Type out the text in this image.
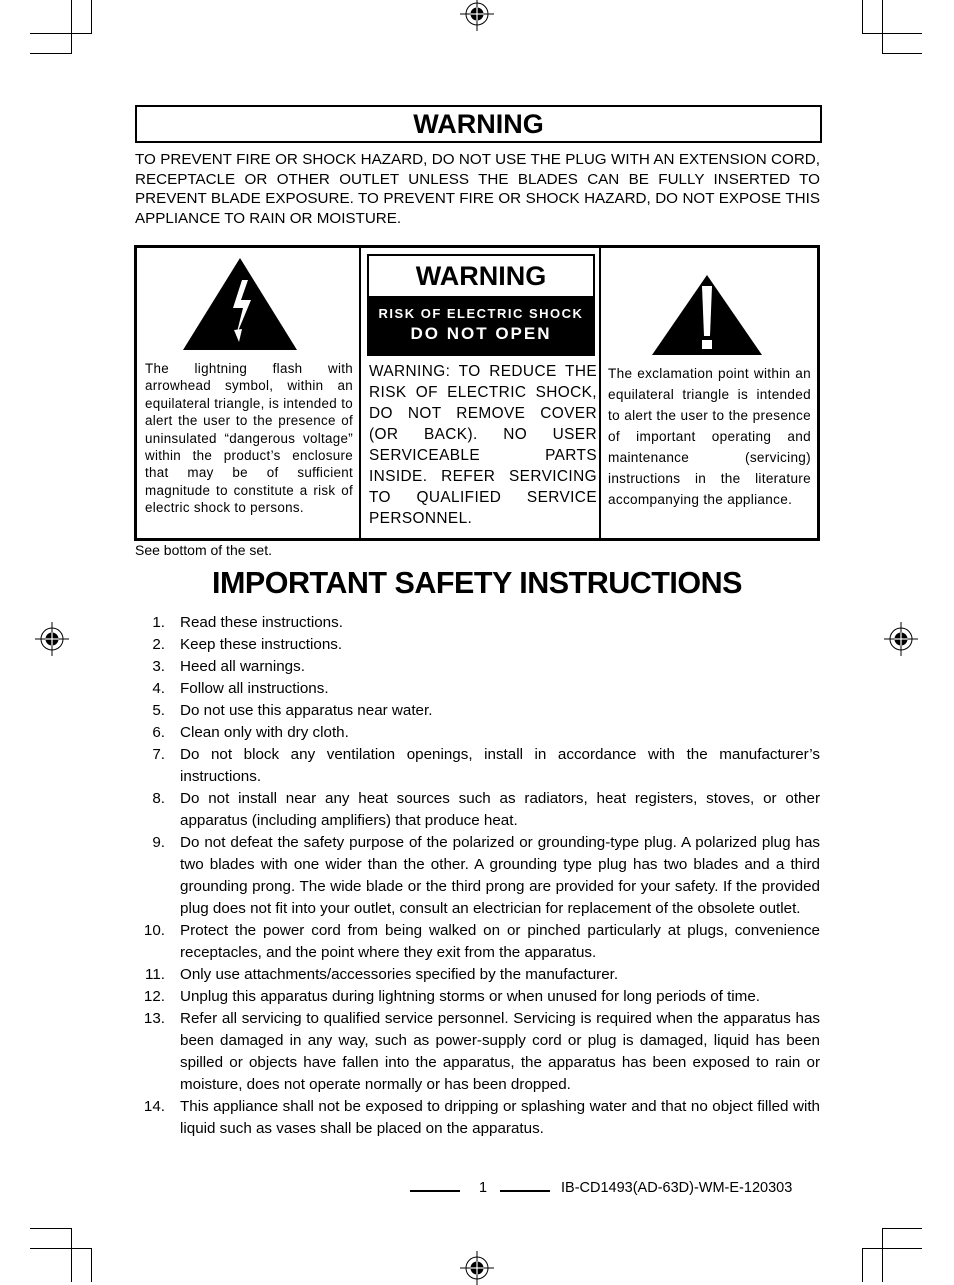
WARNING
TO PREVENT FIRE OR SHOCK HAZARD, DO NOT USE THE PLUG WITH AN EXTENSION CORD, RECEPTACLE OR OTHER OUTLET UNLESS THE BLADES CAN BE FULLY INSERTED TO PREVENT BLADE EXPOSURE. TO PREVENT FIRE OR SHOCK HAZARD, DO NOT EXPOSE THIS APPLIANCE TO RAIN OR MOISTURE.
The lightning flash with arrowhead symbol, within an equilateral triangle, is intended to alert the user to the presence of uninsulated “dangerous voltage” within the product’s enclosure that may be of sufficient magnitude to constitute a risk of electric shock to persons.
WARNING
RISK OF ELECTRIC SHOCK
DO NOT OPEN
WARNING: TO REDUCE THE RISK OF ELECTRIC SHOCK, DO NOT REMOVE COVER (OR BACK). NO USER SERVICEABLE PARTS INSIDE. REFER SERVICING TO QUALIFIED SERVICE PERSONNEL.
The exclamation point within an equilateral triangle is intended to alert the user to the presence of important operating and maintenance (servicing) instructions in the literature accompanying the appliance.
See bottom of the set.
IMPORTANT SAFETY INSTRUCTIONS
1. Read these instructions.
2. Keep these instructions.
3. Heed all warnings.
4. Follow all instructions.
5. Do not use this apparatus near water.
6. Clean only with dry cloth.
7. Do not block any ventilation openings, install in accordance with the manufacturer’s instructions.
8. Do not install near any heat sources such as radiators, heat registers, stoves, or other apparatus (including amplifiers) that produce heat.
9. Do not defeat the safety purpose of the polarized or grounding-type plug. A polarized plug has two blades with one wider than the other. A grounding type plug has two blades and a third grounding prong. The wide blade or the third prong are provided for your safety. If the provided plug does not fit into your outlet, consult an electrician for replacement of the obsolete outlet.
10. Protect the power cord from being walked on or pinched particularly at plugs, convenience receptacles, and the point where they exit from the apparatus.
11. Only use attachments/accessories specified by the manufacturer.
12. Unplug this apparatus during lightning storms or when unused for long periods of time.
13. Refer all servicing to qualified service personnel. Servicing is required when the apparatus has been damaged in any way, such as power-supply cord or plug is damaged, liquid has been spilled or objects have fallen into the apparatus, the apparatus has been exposed to rain or moisture, does not operate normally or has been dropped.
14. This appliance shall not be exposed to dripping or splashing water and that no object filled with liquid such as vases shall be placed on the apparatus.
1	IB-CD1493(AD-63D)-WM-E-120303
